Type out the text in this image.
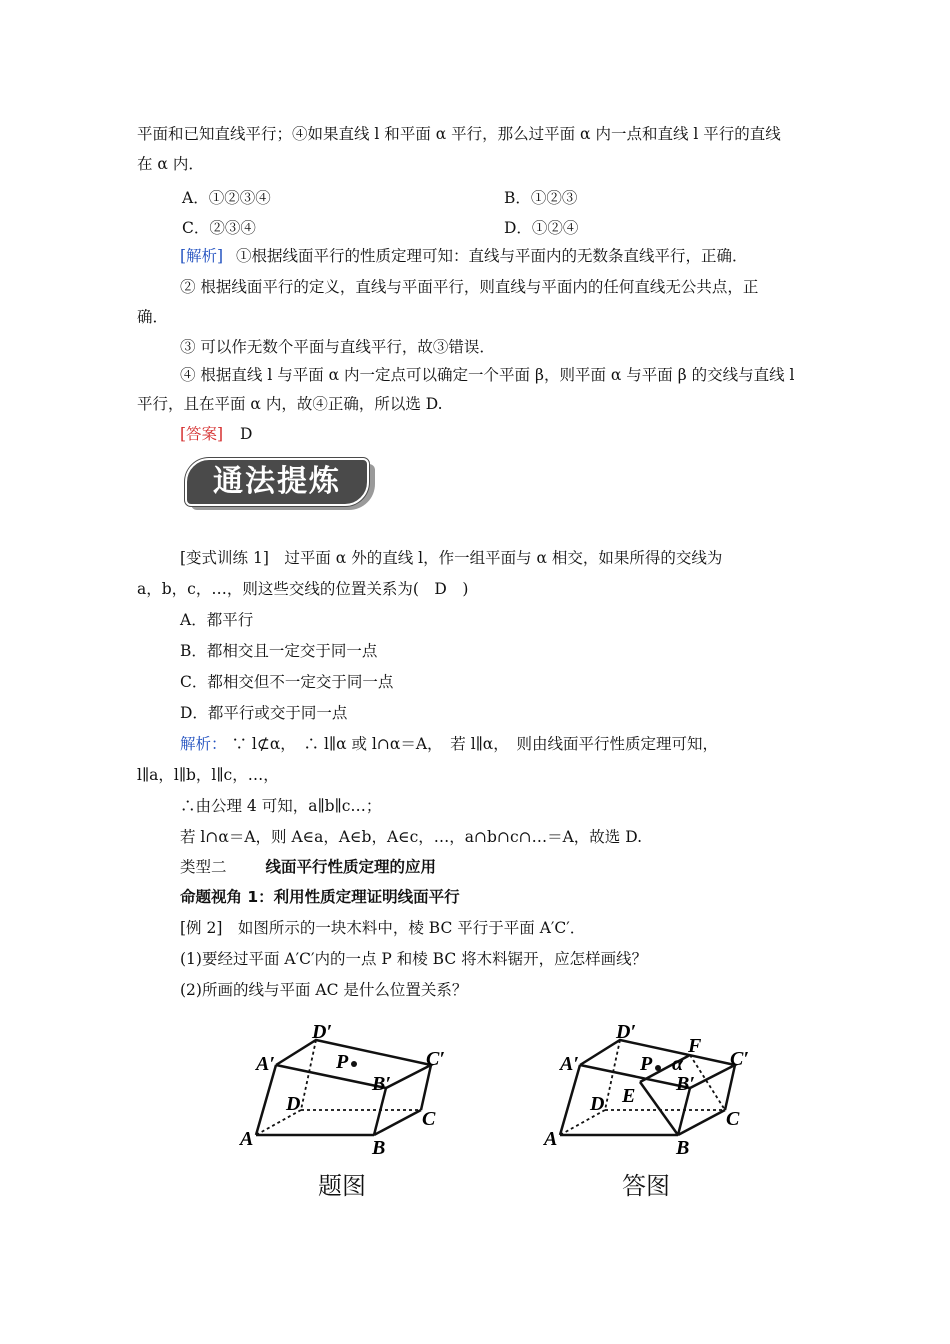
平面和已知直线平行；④如果直线 l 和平面 α 平行，那么过平面 α 内一点和直线 l 平行的直线
在 α 内．
A．①②③④	B．①②③
C．②③④	D．①②④
[解析] ①根据线面平行的性质定理可知：直线与平面内的无数条直线平行，正确．
② 根据线面平行的定义，直线与平面平行，则直线与平面内的任何直线无公共点，正
确．
③ 可以作无数个平面与直线平行，故③错误．
④ 根据直线 l 与平面 α 内一定点可以确定一个平面 β，则平面 α 与平面 β 的交线与直线 l
平行，且在平面 α 内，故④正确，所以选 D.
[答案] D
通法提炼
[变式训练 1]　过平面 α 外的直线 l，作一组平面与 α 相交，如果所得的交线为
a，b，c，…，则这些交线的位置关系为(　D　)
A．都平行
B．都相交且一定交于同一点
C．都相交但不一定交于同一点
D．都平行或交于同一点
解析： ∵ l⊄α，　∴ l∥α 或 l∩α＝A，　若 l∥α，　则由线面平行性质定理可知，
l∥a，l∥b，l∥c，…，
∴由公理 4 可知，a∥b∥c…；
若 l∩α＝A，则 A∈a，A∈b，A∈c，…，a∩b∩c∩…＝A，故选 D.
类型二	线面平行性质定理的应用
命题视角 1：利用性质定理证明线面平行
[例 2]　如图所示的一块木料中，棱 BC 平行于平面 A′C′．
(1)要经过平面 A′C′内的一点 P 和棱 BC 将木料锯开，应怎样画线？
(2)所画的线与平面 AC 是什么位置关系？
P
D′
A′	C′
B′
D
C
A	B
题图
P α
F
E
D′
A′	C′
B′
D
C
A	B
答图
